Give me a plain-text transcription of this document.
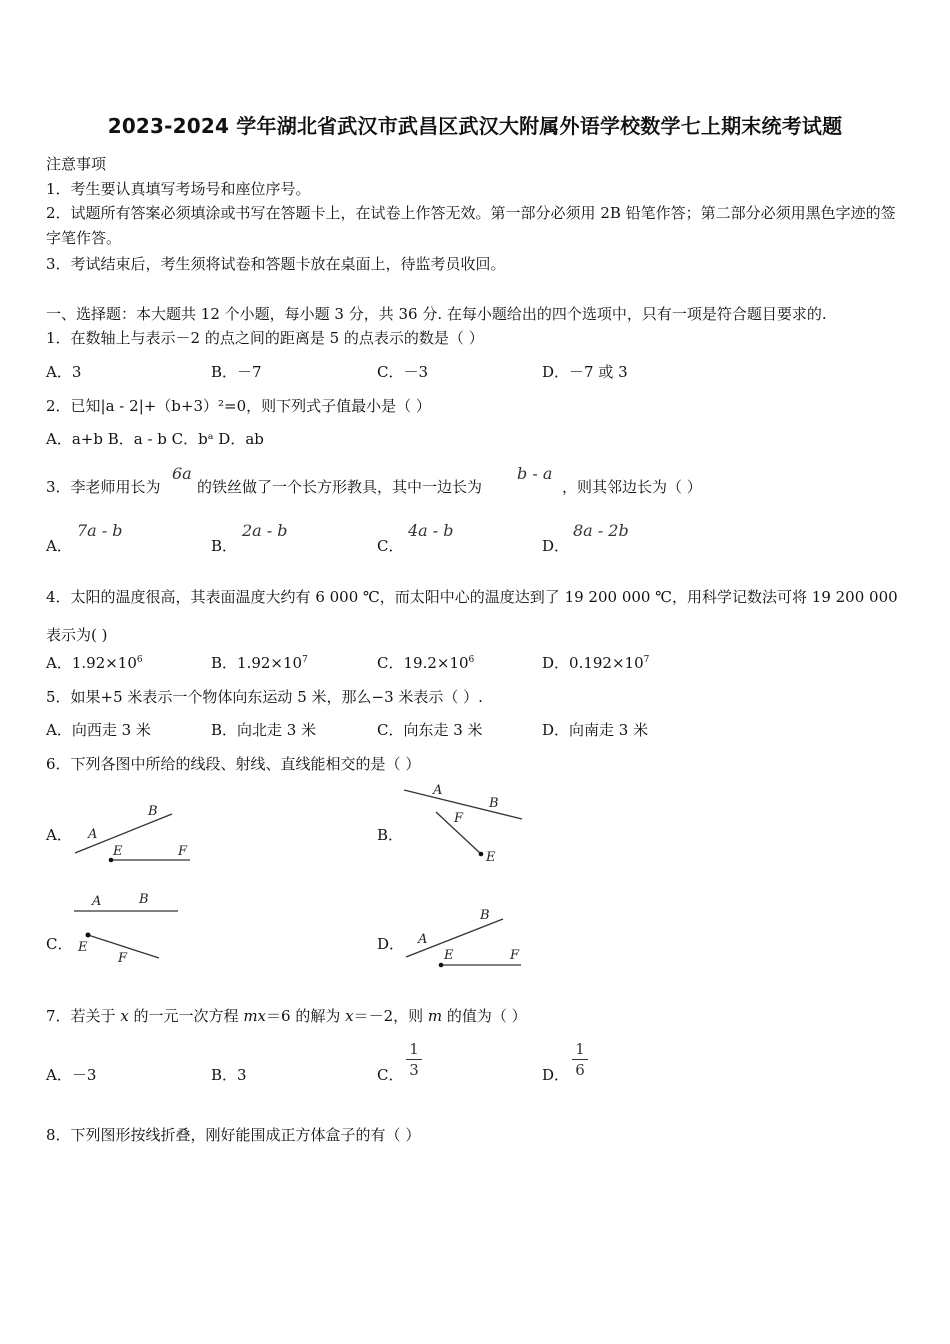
2023-2024 学年湖北省武汉市武昌区武汉大附属外语学校数学七上期末统考试题
注意事项
1．考生要认真填写考场号和座位序号。
2．试题所有答案必须填涂或书写在答题卡上，在试卷上作答无效。第一部分必须用 2B 铅笔作答；第二部分必须用黑色字迹的签字笔作答。
3．考试结束后，考生须将试卷和答题卡放在桌面上，待监考员收回。
一、选择题：本大题共 12 个小题，每小题 3 分，共 36 分. 在每小题给出的四个选项中，只有一项是符合题目要求的.
1．在数轴上与表示－2 的点之间的距离是 5 的点表示的数是（ ）
A．3	B．－7	C．－3	D．－7 或 3
2．已知|a - 2|+（b+3）²=0，则下列式子值最小是（ ）
A．a+b B．a - b C．bᵃ D．ab
3．李老师用长为
6a
的铁丝做了一个长方形教具，其中一边长为
b - a
，则其邻边长为（ ）
A．
7a - b
B．
2a - b
C．
4a - b
D．
8a - 2b
4．太阳的温度很高，其表面温度大约有 6 000 ℃，而太阳中心的温度达到了 19 200 000 ℃，用科学记数法可将 19 200 000 表示为( )
A．$1.92\times 10^6$	B．$1.92\times 10^7$	C．$19.2\times 10^6$	D．$0.192\times 10^7$
5．如果+5 米表示一个物体向东运动 5 米，那么−3 米表示（ ）.
A．向西走 3 米	B．向北走 3 米	C．向东走 3 米	D．向南走 3 米
6．下列各图中所给的线段、射线、直线能相交的是（ ）
A． A
B
E	F
B．
A
B
E
F
C．
A	B
E
F
D． A
B
E	F
7．若关于 x 的一元一次方程 mx＝6 的解为 x＝－2，则 m 的值为（ ）
A．－3	B．3	C．
1
3	D．
1
6
8．下列图形按线折叠，刚好能围成正方体盒子的有（ ）
